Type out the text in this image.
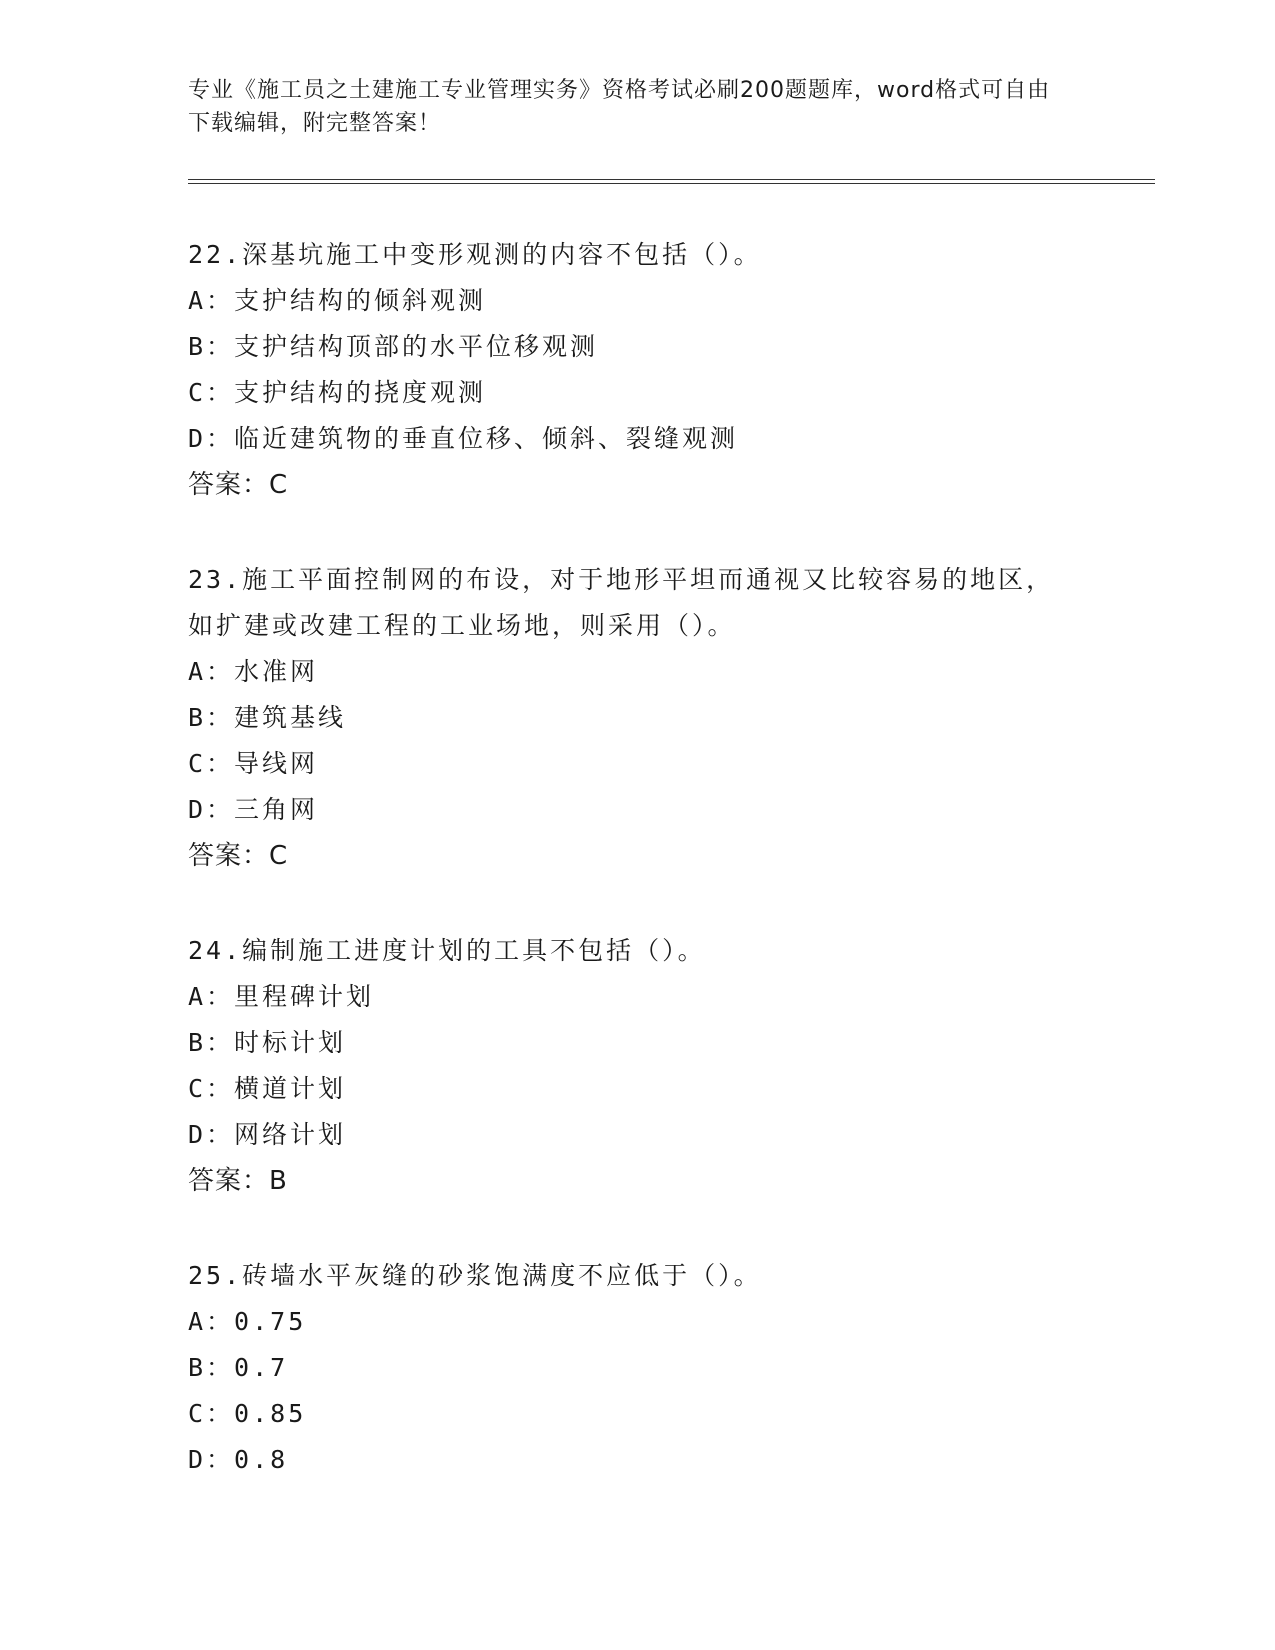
专业《施工员之土建施工专业管理实务》资格考试必刷200题题库，word格式可自由下载编辑，附完整答案！
22.深基坑施工中变形观测的内容不包括（）。
A：支护结构的倾斜观测
B：支护结构顶部的水平位移观测
C：支护结构的挠度观测
D：临近建筑物的垂直位移、倾斜、裂缝观测
答案：C
23.施工平面控制网的布设，对于地形平坦而通视又比较容易的地区，如扩建或改建工程的工业场地，则采用（）。
A：水准网
B：建筑基线
C：导线网
D：三角网
答案：C
24.编制施工进度计划的工具不包括（）。
A：里程碑计划
B：时标计划
C：横道计划
D：网络计划
答案：B
25.砖墙水平灰缝的砂浆饱满度不应低于（）。
A：0.75
B：0.7
C：0.85
D：0.8
